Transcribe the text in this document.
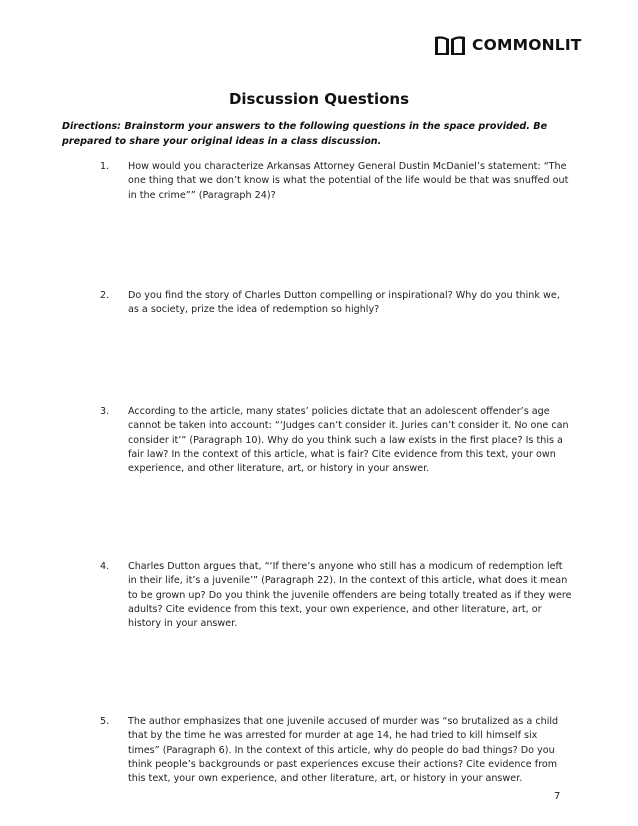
COMMONLIT
Discussion Questions
Directions: Brainstorm your answers to the following questions in the space provided. Be prepared to share your original ideas in a class discussion.
1.	How would you characterize Arkansas Attorney General Dustin McDaniel’s statement: “The one thing that we don’t know is what the potential of the life would be that was snuffed out in the crime”” (Paragraph 24)?
2.	Do you find the story of Charles Dutton compelling or inspirational? Why do you think we, as a society, prize the idea of redemption so highly?
3.	According to the article, many states’ policies dictate that an adolescent offender’s age cannot be taken into account: “‘Judges can’t consider it. Juries can’t consider it. No one can consider it’” (Paragraph 10). Why do you think such a law exists in the first place? Is this a fair law? In the context of this article, what is fair? Cite evidence from this text, your own experience, and other literature, art, or history in your answer.
4.	Charles Dutton argues that, “‘If there’s anyone who still has a modicum of redemption left in their life, it’s a juvenile’” (Paragraph 22). In the context of this article, what does it mean to be grown up? Do you think the juvenile offenders are being totally treated as if they were adults? Cite evidence from this text, your own experience, and other literature, art, or history in your answer.
5.	The author emphasizes that one juvenile accused of murder was “so brutalized as a child that by the time he was arrested for murder at age 14, he had tried to kill himself six times” (Paragraph 6). In the context of this article, why do people do bad things? Do you think people’s backgrounds or past experiences excuse their actions? Cite evidence from this text, your own experience, and other literature, art, or history in your answer.
7
